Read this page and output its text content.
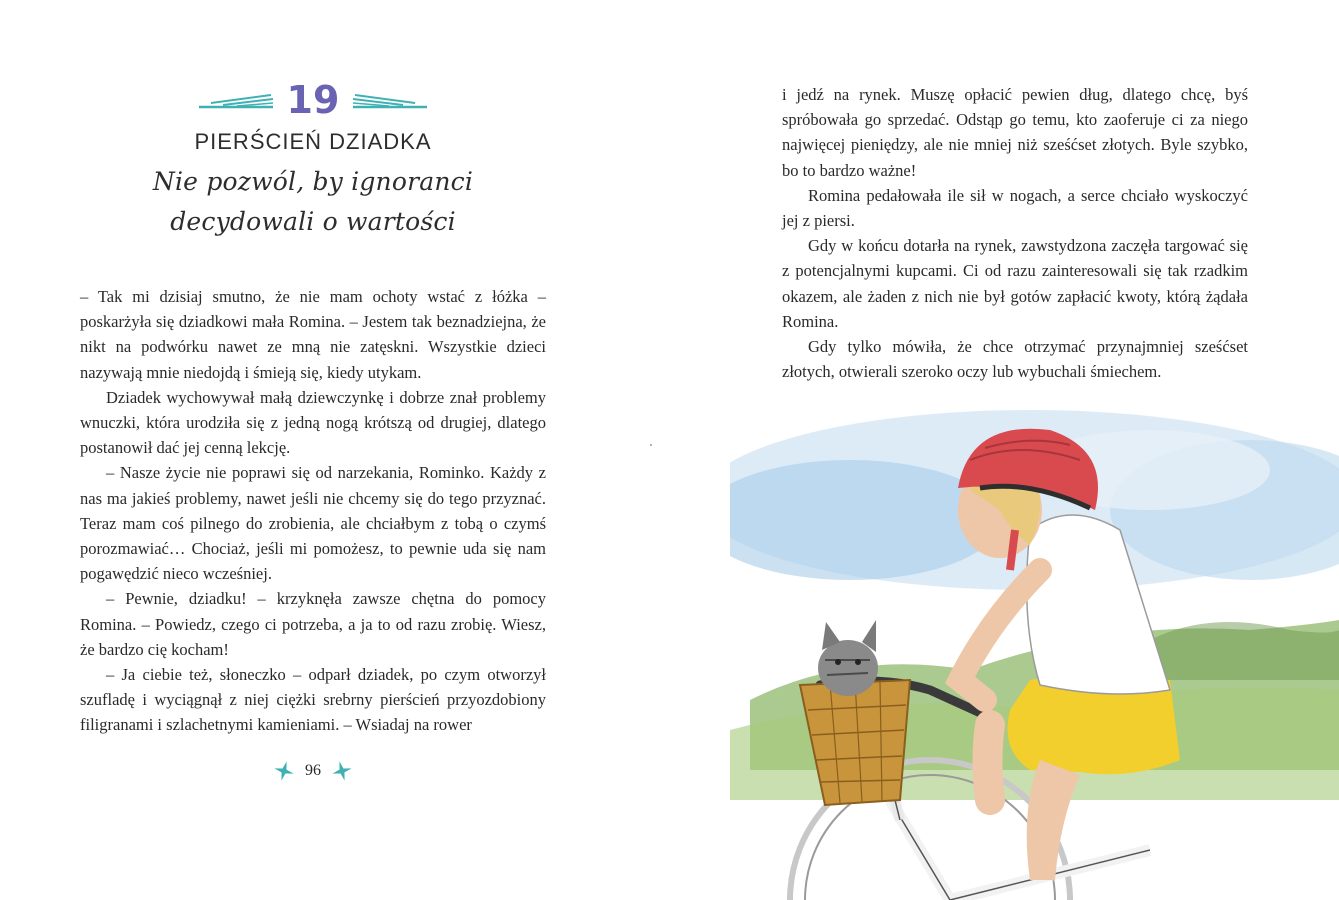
19
PIERŚCIEŃ DZIADKA
Nie pozwól, by ignoranci decydowali o wartości

– Tak mi dzisiaj smutno, że nie mam ochoty wstać z łóżka – poskarżyła się dziadkowi mała Romina. – Jestem tak beznadziejna, że nikt na podwórku nawet ze mną nie zatęskni. Wszystkie dzieci nazywają mnie niedojdą i śmieją się, kiedy utykam.

Dziadek wychowywał małą dziewczynkę i dobrze znał problemy wnuczki, która urodziła się z jedną nogą krótszą od drugiej, dlatego postanowił dać jej cenną lekcję.

– Nasze życie nie poprawi się od narzekania, Rominko. Każdy z nas ma jakieś problemy, nawet jeśli nie chcemy się do tego przyznać. Teraz mam coś pilnego do zrobienia, ale chciałbym z tobą o czymś porozmawiać… Chociaż, jeśli mi pomożesz, to pewnie uda się nam pogawędzić nieco wcześniej.

– Pewnie, dziadku! – krzyknęła zawsze chętna do pomocy Romina. – Powiedz, czego ci potrzeba, a ja to od razu zrobię. Wiesz, że bardzo cię kocham!

– Ja ciebie też, słoneczko – odparł dziadek, po czym otworzył szufladę i wyciągnął z niej ciężki srebrny pierścień przyozdobiony filigranami i szlachetnymi kamieniami. – Wsiadaj na rower

96

i jedź na rynek. Muszę opłacić pewien dług, dlatego chcę, byś spróbowała go sprzedać. Odstąp go temu, kto zaoferuje ci za niego najwięcej pieniędzy, ale nie mniej niż sześćset złotych. Byle szybko, bo to bardzo ważne!

Romina pedałowała ile sił w nogach, a serce chciało wyskoczyć jej z piersi.

Gdy w końcu dotarła na rynek, zawstydzona zaczęła targować się z potencjalnymi kupcami. Ci od razu zainteresowali się tak rzadkim okazem, ale żaden z nich nie był gotów zapłacić kwoty, którą żądała Romina.

Gdy tylko mówiła, że chce otrzymać przynajmniej sześćset złotych, otwierali szeroko oczy lub wybuchali śmiechem.
